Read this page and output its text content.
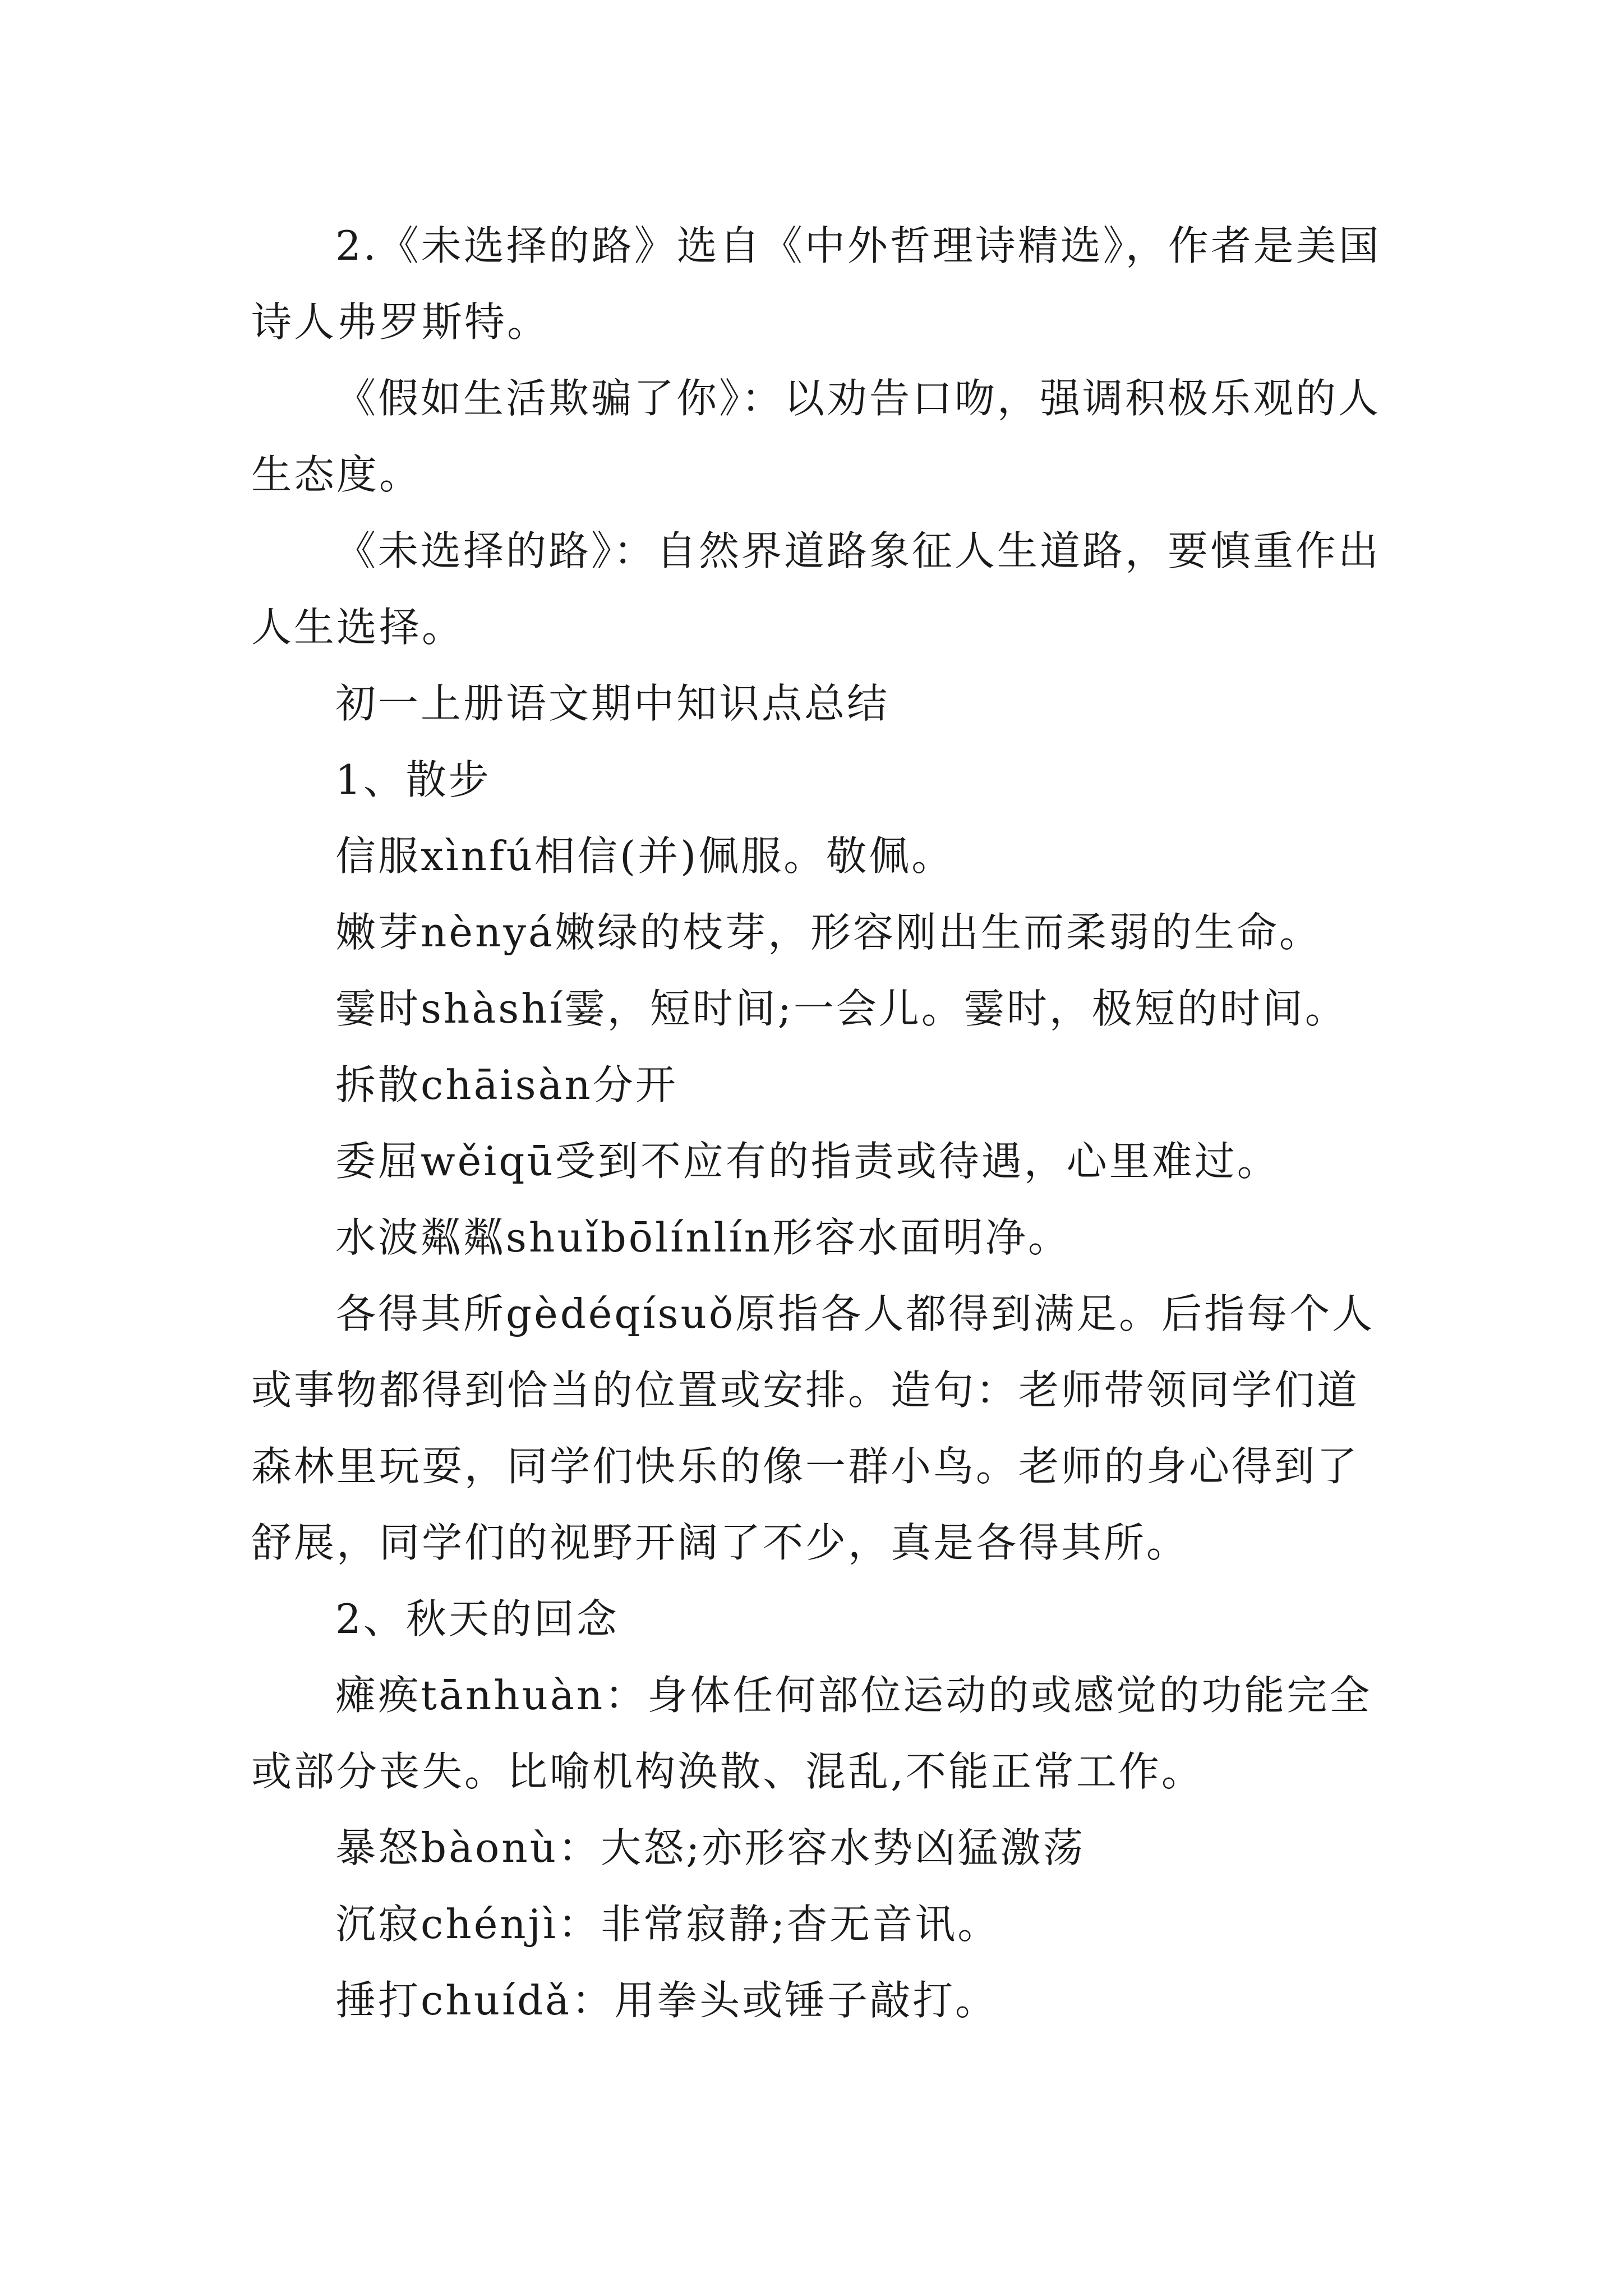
2.《未选择的路》选自《中外哲理诗精选》，作者是美国诗人弗罗斯特。

《假如生活欺骗了你》：以劝告口吻，强调积极乐观的人生态度。

《未选择的路》：自然界道路象征人生道路，要慎重作出人生选择。

初一上册语文期中知识点总结

1、散步

信服xìnfú相信(并)佩服。敬佩。

嫩芽nènyá嫩绿的枝芽，形容刚出生而柔弱的生命。

霎时shàshí霎，短时间;一会儿。霎时，极短的时间。

拆散chāisàn分开

委屈wěiqū受到不应有的指责或待遇，心里难过。

水波粼粼shuǐbōlínlín形容水面明净。

各得其所gèdéqísuǒ原指各人都得到满足。后指每个人或事物都得到恰当的位置或安排。造句：老师带领同学们道森林里玩耍，同学们快乐的像一群小鸟。老师的身心得到了舒展，同学们的视野开阔了不少，真是各得其所。

2、秋天的回念

瘫痪tānhuàn：身体任何部位运动的或感觉的功能完全或部分丧失。比喻机构涣散、混乱,不能正常工作。

暴怒bàonù：大怒;亦形容水势凶猛激荡

沉寂chénjì：非常寂静;杳无音讯。

捶打chuídǎ：用拳头或锤子敲打。
